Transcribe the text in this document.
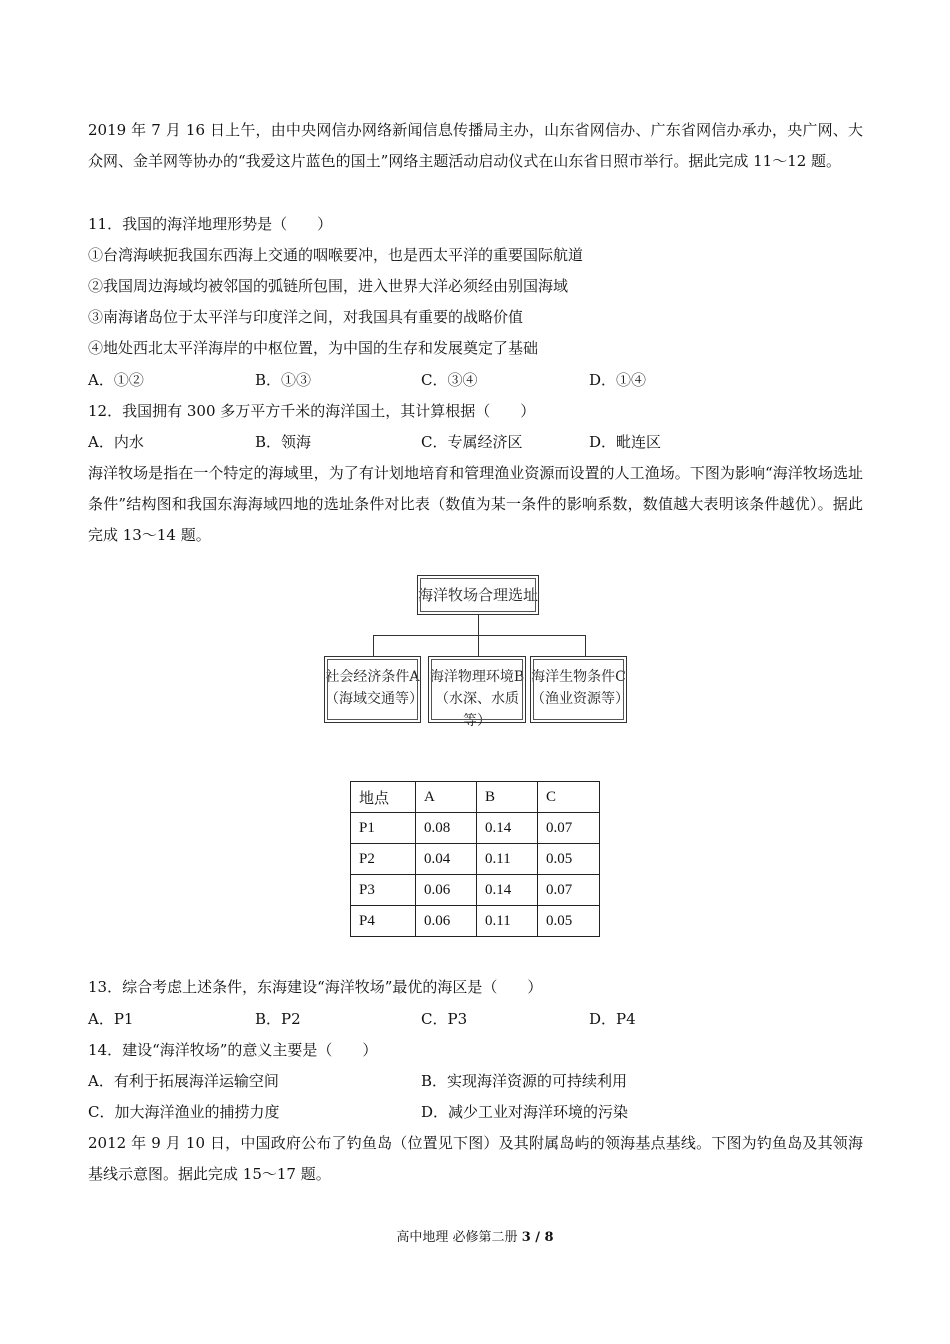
2019 年 7 月 16 日上午，由中央网信办网络新闻信息传播局主办，山东省网信办、广东省网信办承办，央广网、大众网、金羊网等协办的“我爱这片蓝色的国土”网络主题活动启动仪式在山东省日照市举行。据此完成 11～12 题。

11．我国的海洋地理形势是（　　）
①台湾海峡扼我国东西海上交通的咽喉要冲，也是西太平洋的重要国际航道
②我国周边海域均被邻国的弧链所包围，进入世界大洋必须经由别国海域
③南海诸岛位于太平洋与印度洋之间，对我国具有重要的战略价值
④地处西北太平洋海岸的中枢位置，为中国的生存和发展奠定了基础
A．①②	B．①③	C．③④	D．①④
12．我国拥有 300 多万平方千米的海洋国土，其计算根据（　　）
A．内水	B．领海	C．专属经济区	D．毗连区

海洋牧场是指在一个特定的海域里，为了有计划地培育和管理渔业资源而设置的人工渔场。下图为影响“海洋牧场选址条件”结构图和我国东海海域四地的选址条件对比表（数值为某一条件的影响系数，数值越大表明该条件越优）。据此完成 13～14 题。

海洋牧场合理选址
社会经济条件A
（海域交通等）
海洋物理环境B
（水深、水质等）
海洋生物条件C
（渔业资源等）
地点	A	B	C
P1	0.08	0.14	0.07
P2	0.04	0.11	0.05
P3	0.06	0.14	0.07
P4	0.06	0.11	0.05
13．综合考虑上述条件，东海建设“海洋牧场”最优的海区是（　　）
A．P1	B．P2	C．P3	D．P4
14．建设“海洋牧场”的意义主要是（　　）
A．有利于拓展海洋运输空间	B．实现海洋资源的可持续利用
C．加大海洋渔业的捕捞力度	D．减少工业对海洋环境的污染

2012 年 9 月 10 日，中国政府公布了钓鱼岛（位置见下图）及其附属岛屿的领海基点基线。下图为钓鱼岛及其领海基线示意图。据此完成 15～17 题。

高中地理 必修第二册 3 / 8
